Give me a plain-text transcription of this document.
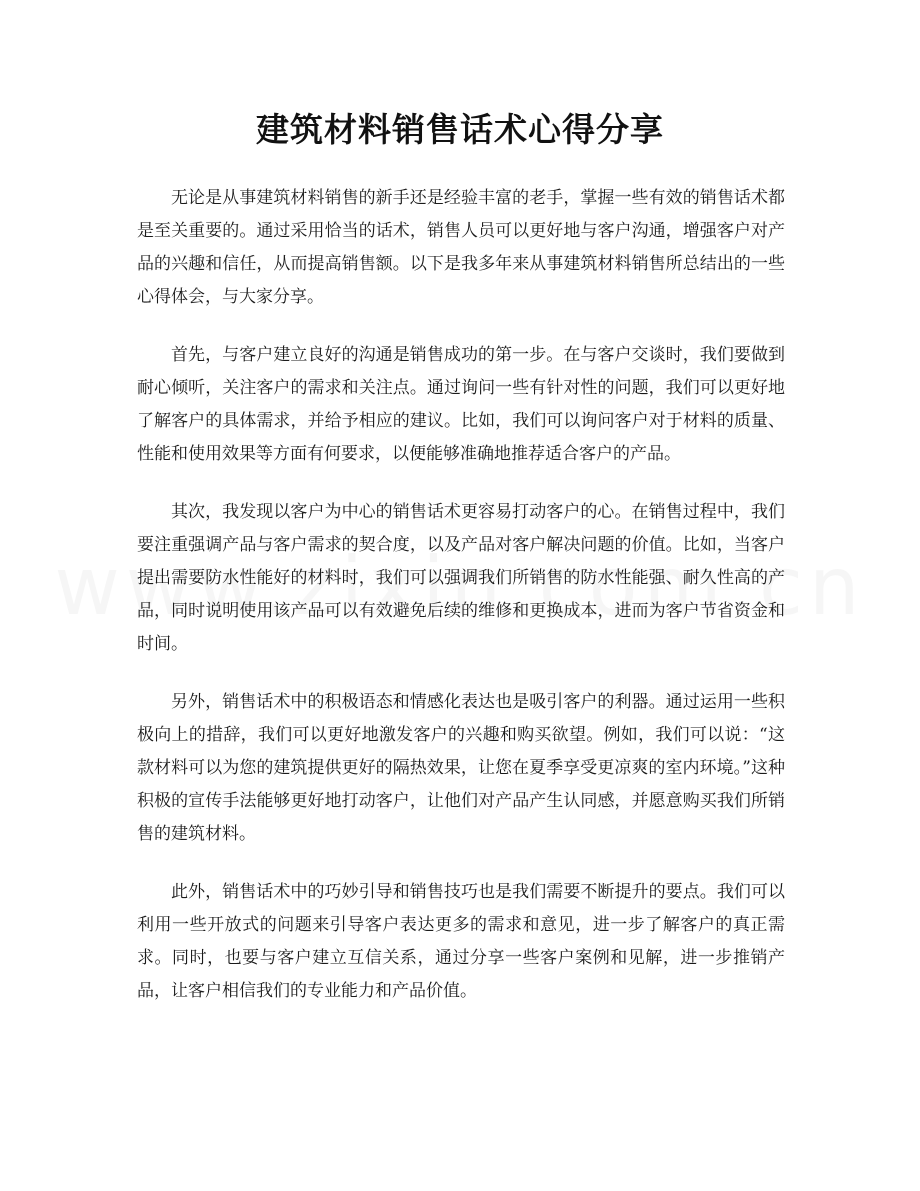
建筑材料销售话术心得分享

无论是从事建筑材料销售的新手还是经验丰富的老手，掌握一些有效的销售话术都是至关重要的。通过采用恰当的话术，销售人员可以更好地与客户沟通，增强客户对产品的兴趣和信任，从而提高销售额。以下是我多年来从事建筑材料销售所总结出的一些心得体会，与大家分享。

首先，与客户建立良好的沟通是销售成功的第一步。在与客户交谈时，我们要做到耐心倾听，关注客户的需求和关注点。通过询问一些有针对性的问题，我们可以更好地了解客户的具体需求，并给予相应的建议。比如，我们可以询问客户对于材料的质量、性能和使用效果等方面有何要求，以便能够准确地推荐适合客户的产品。

其次，我发现以客户为中心的销售话术更容易打动客户的心。在销售过程中，我们要注重强调产品与客户需求的契合度，以及产品对客户解决问题的价值。比如，当客户提出需要防水性能好的材料时，我们可以强调我们所销售的防水性能强、耐久性高的产品，同时说明使用该产品可以有效避免后续的维修和更换成本，进而为客户节省资金和时间。

另外，销售话术中的积极语态和情感化表达也是吸引客户的利器。通过运用一些积极向上的措辞，我们可以更好地激发客户的兴趣和购买欲望。例如，我们可以说：“这款材料可以为您的建筑提供更好的隔热效果，让您在夏季享受更凉爽的室内环境。”这种积极的宣传手法能够更好地打动客户，让他们对产品产生认同感，并愿意购买我们所销售的建筑材料。

此外，销售话术中的巧妙引导和销售技巧也是我们需要不断提升的要点。我们可以利用一些开放式的问题来引导客户表达更多的需求和意见，进一步了解客户的真正需求。同时，也要与客户建立互信关系，通过分享一些客户案例和见解，进一步推销产品，让客户相信我们的专业能力和产品价值。
